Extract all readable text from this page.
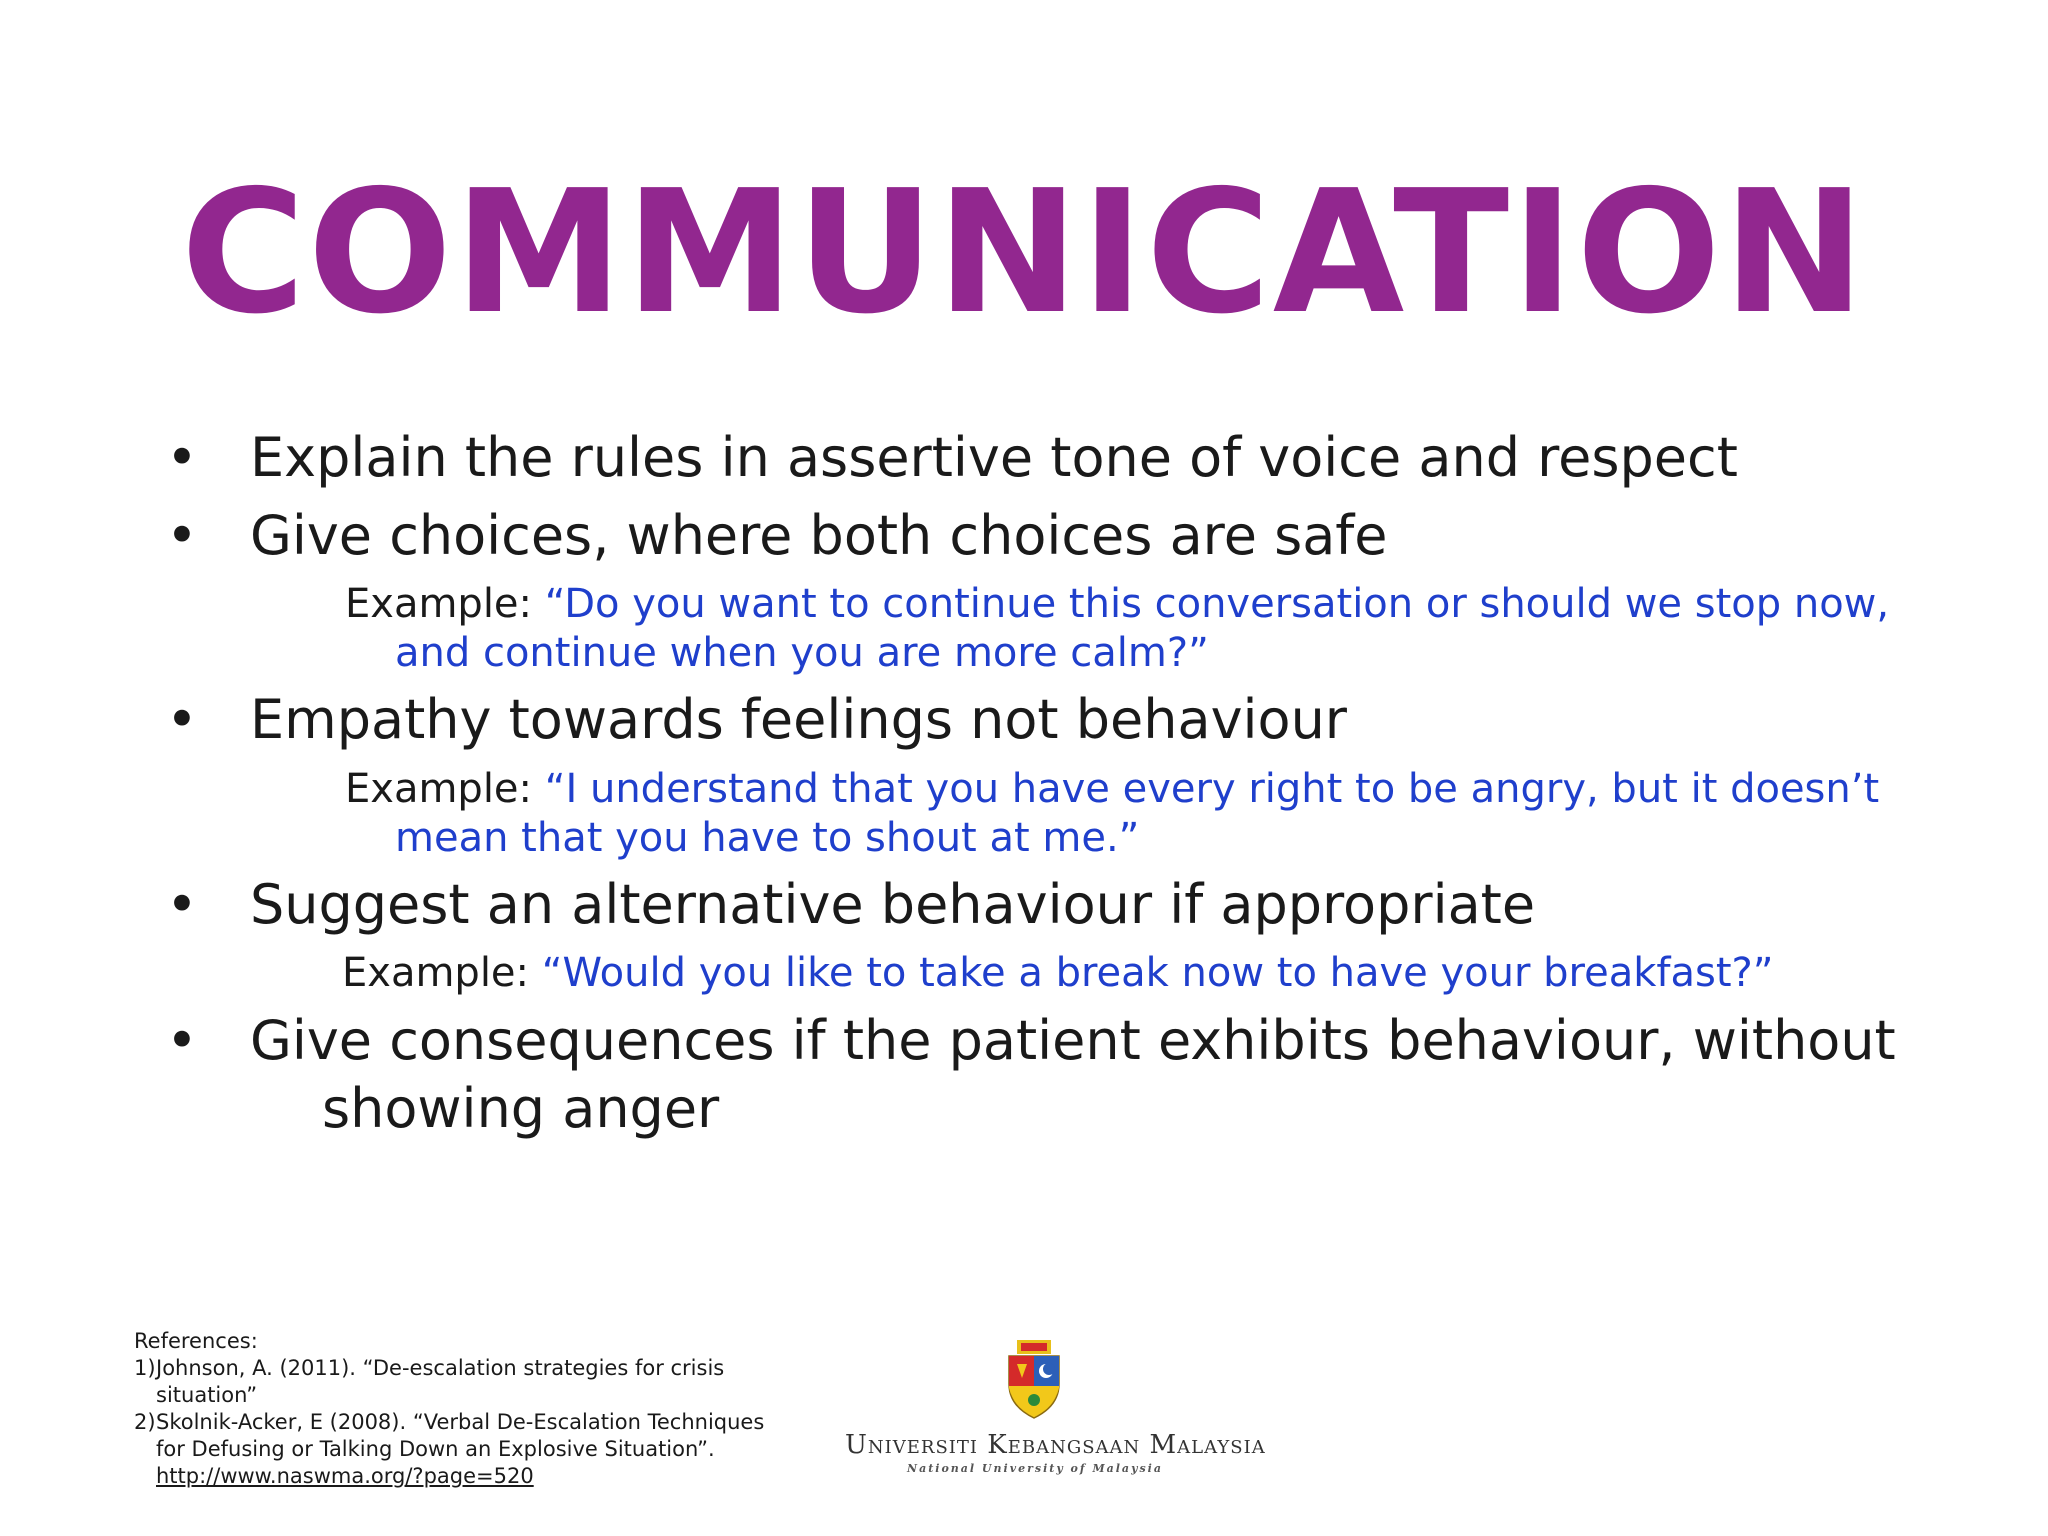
COMMUNICATION
• Explain the rules in assertive tone of voice and respect
• Give choices, where both choices are safe
Example: “Do you want to continue this conversation or should we stop now,
and continue when you are more calm?”
• Empathy towards feelings not behaviour
Example: “I understand that you have every right to be angry, but it doesn’t
mean that you have to shout at me.”
• Suggest an alternative behaviour if appropriate
Example: “Would you like to take a break now to have your breakfast?”
• Give consequences if the patient exhibits behaviour, without
showing anger
References:
1) Johnson, A. (2011). “De-escalation strategies for crisis
situation”
2) Skolnik-Acker, E (2008). “Verbal De-Escalation Techniques
for Defusing or Talking Down an Explosive Situation”.
http://www.naswma.org/?page=520
Universiti Kebangsaan Malaysia
National University of Malaysia
